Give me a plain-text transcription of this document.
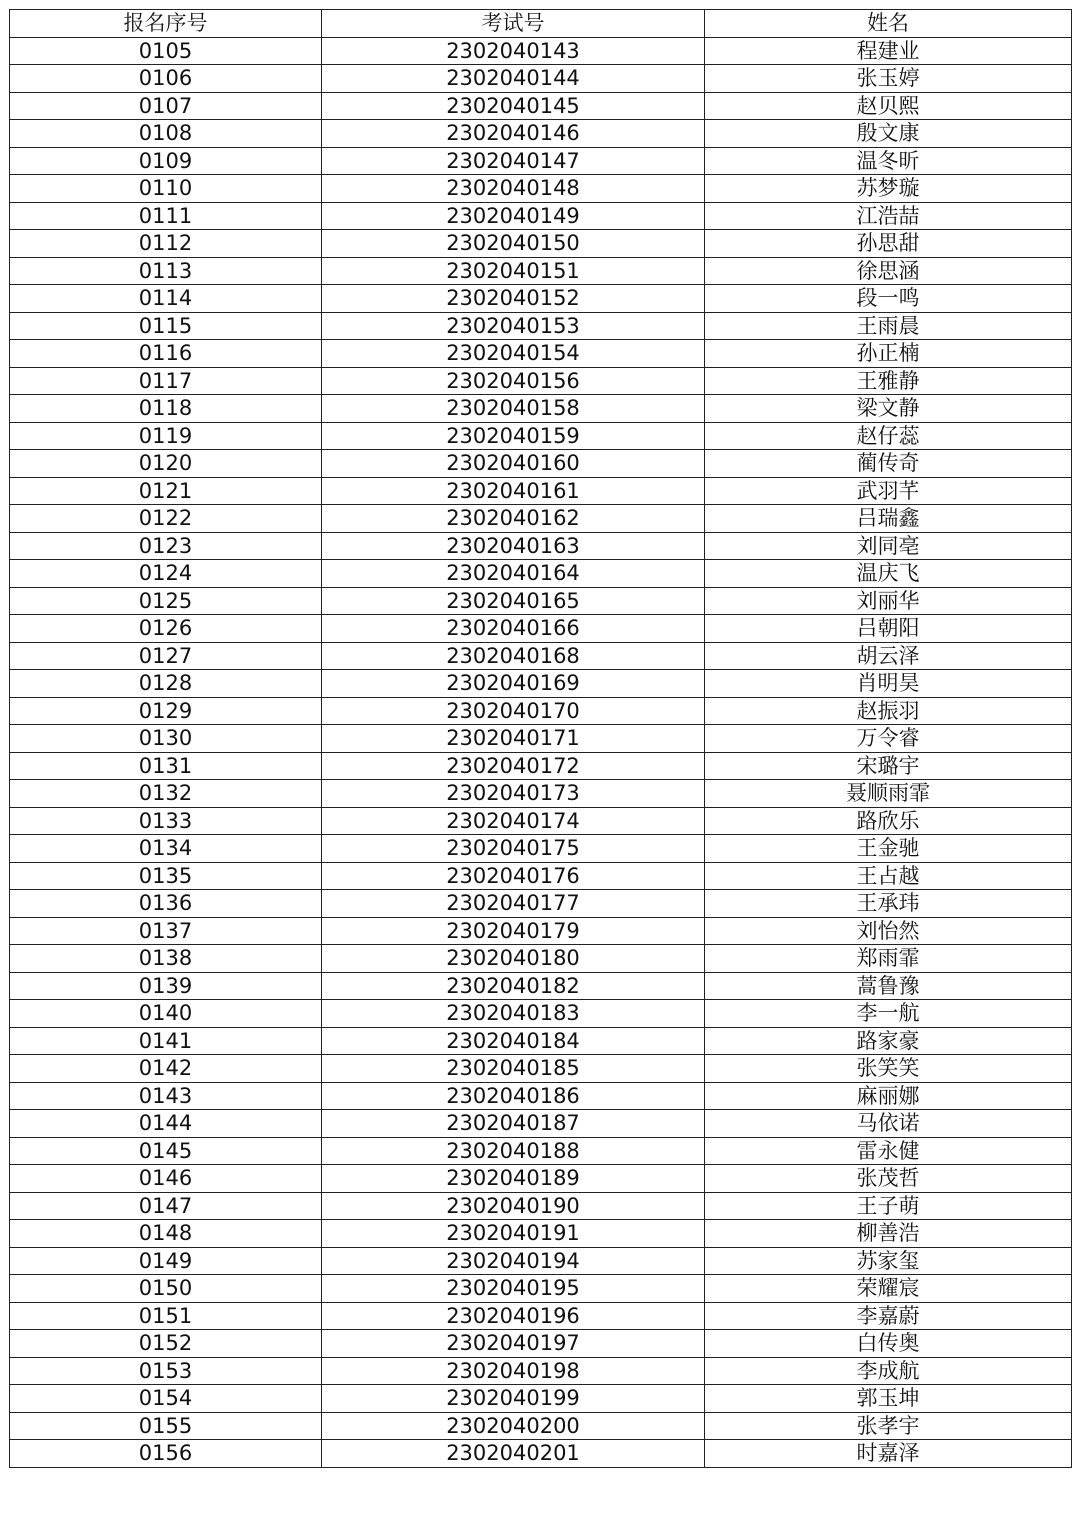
报名序号	考试号	姓名
0105	2302040143	程建业
0106	2302040144	张玉婷
0107	2302040145	赵贝熙
0108	2302040146	殷文康
0109	2302040147	温冬昕
0110	2302040148	苏梦璇
0111	2302040149	江浩喆
0112	2302040150	孙思甜
0113	2302040151	徐思涵
0114	2302040152	段一鸣
0115	2302040153	王雨晨
0116	2302040154	孙正楠
0117	2302040156	王雅静
0118	2302040158	梁文静
0119	2302040159	赵仔蕊
0120	2302040160	蔺传奇
0121	2302040161	武羽芊
0122	2302040162	吕瑞鑫
0123	2302040163	刘同亳
0124	2302040164	温庆飞
0125	2302040165	刘丽华
0126	2302040166	吕朝阳
0127	2302040168	胡云泽
0128	2302040169	肖明昊
0129	2302040170	赵振羽
0130	2302040171	万令睿
0131	2302040172	宋璐宇
0132	2302040173	聂顺雨霏
0133	2302040174	路欣乐
0134	2302040175	王金驰
0135	2302040176	王占越
0136	2302040177	王承玮
0137	2302040179	刘怡然
0138	2302040180	郑雨霏
0139	2302040182	蒿鲁豫
0140	2302040183	李一航
0141	2302040184	路家豪
0142	2302040185	张笑笑
0143	2302040186	麻丽娜
0144	2302040187	马依诺
0145	2302040188	雷永健
0146	2302040189	张茂哲
0147	2302040190	王子萌
0148	2302040191	柳善浩
0149	2302040194	苏家玺
0150	2302040195	荣耀宸
0151	2302040196	李嘉蔚
0152	2302040197	白传奥
0153	2302040198	李成航
0154	2302040199	郭玉坤
0155	2302040200	张孝宇
0156	2302040201	时嘉泽
